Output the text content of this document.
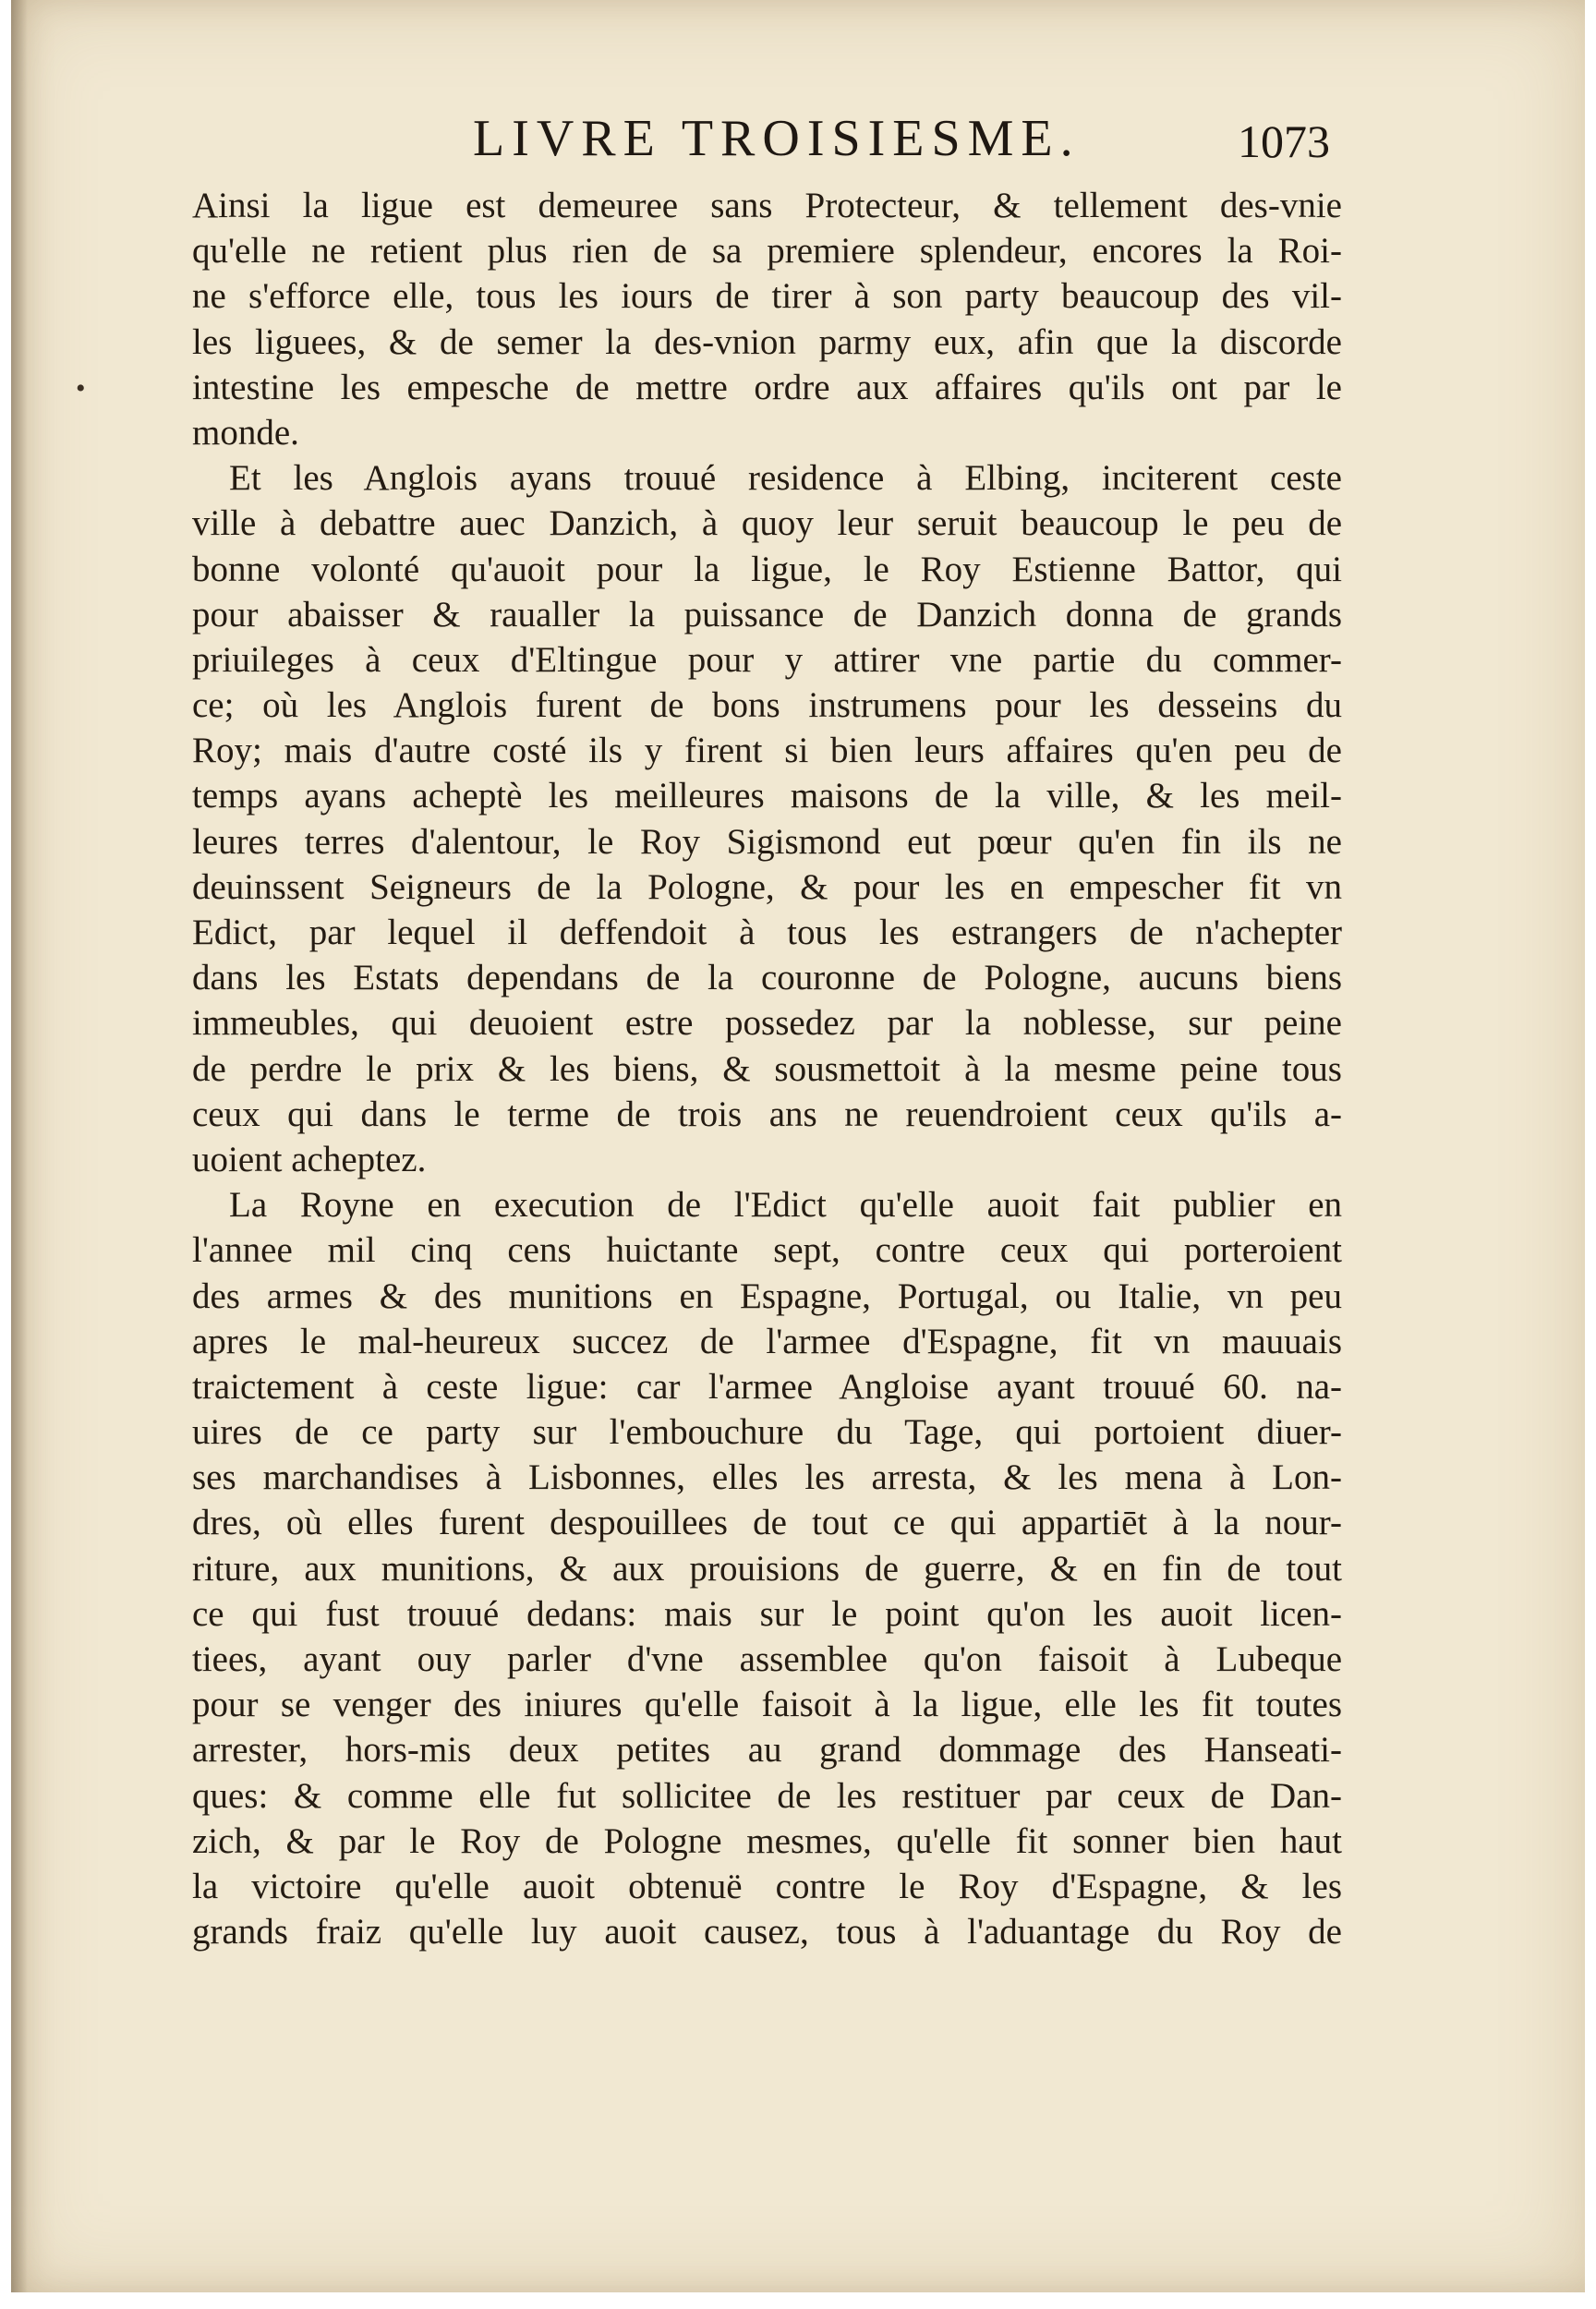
LIVRE TROISIESME.	1073
•
Ainsi la ligue est demeuree sans Protecteur, & tellement des-vnie
qu'elle ne retient plus rien de sa premiere splendeur, encores la Roi-
ne s'efforce elle, tous les iours de tirer à son party beaucoup des vil-
les liguees, & de semer la des-vnion parmy eux, afin que la discorde
intestine les empesche de mettre ordre aux affaires qu'ils ont par le
monde.
Et les Anglois ayans trouué residence à Elbing, inciterent ceste
ville à debattre auec Danzich, à quoy leur seruit beaucoup le peu de
bonne volonté qu'auoit pour la ligue, le Roy Estienne Battor, qui
pour abaisser & raualler la puissance de Danzich donna de grands
priuileges à ceux d'Eltingue pour y attirer vne partie du commer-
ce; où les Anglois furent de bons instrumens pour les desseins du
Roy; mais d'autre costé ils y firent si bien leurs affaires qu'en peu de
temps ayans acheptè les meilleures maisons de la ville, & les meil-
leures terres d'alentour, le Roy Sigismond eut pœur qu'en fin ils ne
deuinssent Seigneurs de la Pologne, & pour les en empescher fit vn
Edict, par lequel il deffendoit à tous les estrangers de n'achepter
dans les Estats dependans de la couronne de Pologne, aucuns biens
immeubles, qui deuoient estre possedez par la noblesse, sur peine
de perdre le prix & les biens, & sousmettoit à la mesme peine tous
ceux qui dans le terme de trois ans ne reuendroient ceux qu'ils a-
uoient acheptez.
La Royne en execution de l'Edict qu'elle auoit fait publier en
l'annee mil cinq cens huictante sept, contre ceux qui porteroient
des armes & des munitions en Espagne, Portugal, ou Italie, vn peu
apres le mal-heureux succez de l'armee d'Espagne, fit vn mauuais
traictement à ceste ligue: car l'armee Angloise ayant trouué 60. na-
uires de ce party sur l'embouchure du Tage, qui portoient diuer-
ses marchandises à Lisbonnes, elles les arresta, & les mena à Lon-
dres, où elles furent despouillees de tout ce qui appartiēt à la nour-
riture, aux munitions, & aux prouisions de guerre, & en fin de tout
ce qui fust trouué dedans: mais sur le point qu'on les auoit licen-
tiees, ayant ouy parler d'vne assemblee qu'on faisoit à Lubeque
pour se venger des iniures qu'elle faisoit à la ligue, elle les fit toutes
arrester, hors-mis deux petites au grand dommage des Hanseati-
ques: & comme elle fut sollicitee de les restituer par ceux de Dan-
zich, & par le Roy de Pologne mesmes, qu'elle fit sonner bien haut
la victoire qu'elle auoit obtenuë contre le Roy d'Espagne, & les
grands fraiz qu'elle luy auoit causez, tous à l'aduantage du Roy de
